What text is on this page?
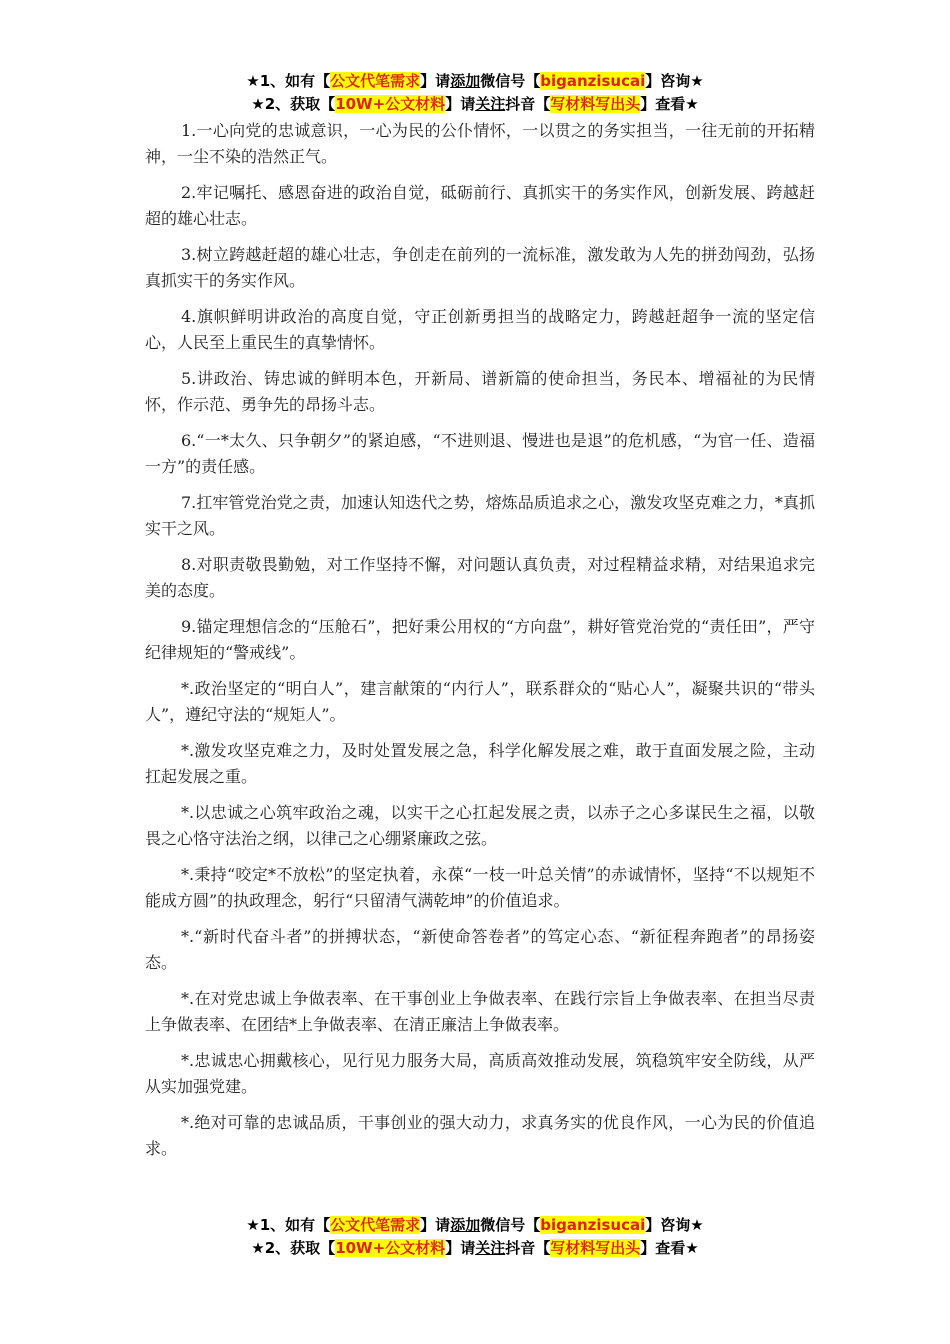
★1、如有【公文代笔需求】请添加微信号【biganzisucai】咨询★
★2、获取【10W+公文材料】请关注抖音【写材料写出头】查看★

1.一心向党的忠诚意识，一心为民的公仆情怀，一以贯之的务实担当，一往无前的开拓精神，一尘不染的浩然正气。

2.牢记嘱托、感恩奋进的政治自觉，砥砺前行、真抓实干的务实作风，创新发展、跨越赶超的雄心壮志。

3.树立跨越赶超的雄心壮志，争创走在前列的一流标准，激发敢为人先的拼劲闯劲，弘扬真抓实干的务实作风。

4.旗帜鲜明讲政治的高度自觉，守正创新勇担当的战略定力，跨越赶超争一流的坚定信心，人民至上重民生的真挚情怀。

5.讲政治、铸忠诚的鲜明本色，开新局、谱新篇的使命担当，务民本、增福祉的为民情怀，作示范、勇争先的昂扬斗志。

6.“一*太久、只争朝夕”的紧迫感，“不进则退、慢进也是退”的危机感，“为官一任、造福一方”的责任感。

7.扛牢管党治党之责，加速认知迭代之势，熔炼品质追求之心，激发攻坚克难之力，*真抓实干之风。

8.对职责敬畏勤勉，对工作坚持不懈，对问题认真负责，对过程精益求精，对结果追求完美的态度。

9.锚定理想信念的“压舱石”，把好秉公用权的“方向盘”，耕好管党治党的“责任田”，严守纪律规矩的“警戒线”。

*.政治坚定的“明白人”，建言献策的“内行人”，联系群众的“贴心人”，凝聚共识的“带头人”，遵纪守法的“规矩人”。

*.激发攻坚克难之力，及时处置发展之急，科学化解发展之难，敢于直面发展之险，主动扛起发展之重。

*.以忠诚之心筑牢政治之魂，以实干之心扛起发展之责，以赤子之心多谋民生之福，以敬畏之心恪守法治之纲，以律己之心绷紧廉政之弦。

*.秉持“咬定*不放松”的坚定执着，永葆“一枝一叶总关情”的赤诚情怀，坚持“不以规矩不能成方圆”的执政理念，躬行“只留清气满乾坤”的价值追求。

*.“新时代奋斗者”的拼搏状态，“新使命答卷者”的笃定心态、“新征程奔跑者”的昂扬姿态。

*.在对党忠诚上争做表率、在干事创业上争做表率、在践行宗旨上争做表率、在担当尽责上争做表率、在团结*上争做表率、在清正廉洁上争做表率。

*.忠诚忠心拥戴核心，见行见力服务大局，高质高效推动发展，筑稳筑牢安全防线，从严从实加强党建。

*.绝对可靠的忠诚品质，干事创业的强大动力，求真务实的优良作风，一心为民的价值追求。

★1、如有【公文代笔需求】请添加微信号【biganzisucai】咨询★
★2、获取【10W+公文材料】请关注抖音【写材料写出头】查看★
